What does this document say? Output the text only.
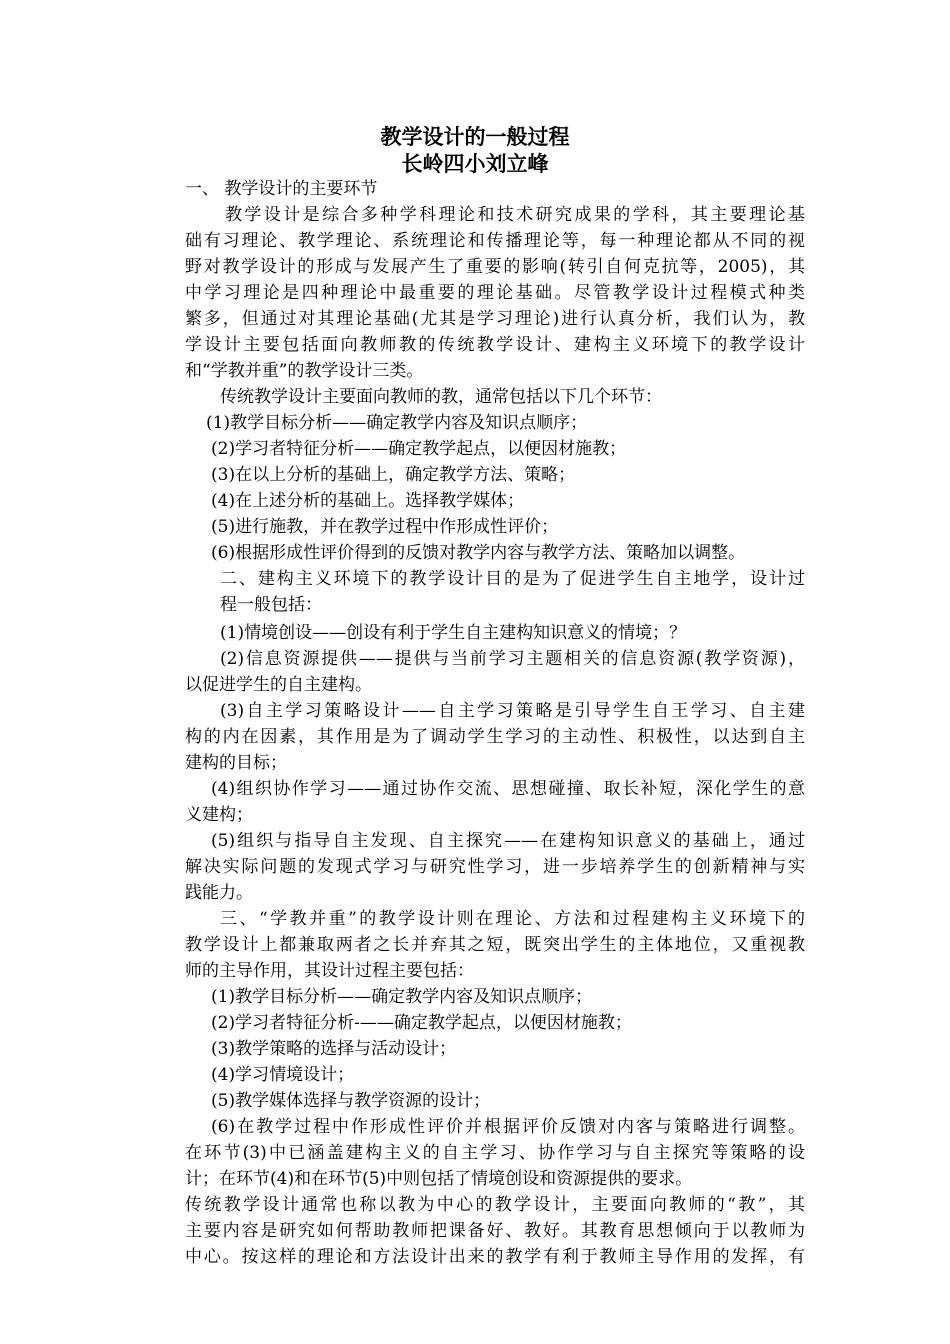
教学设计的一般过程
长岭四小刘立峰
一、 教学设计的主要环节
教学设计是综合多种学科理论和技术研究成果的学科，其主要理论基
础有习理论、教学理论、系统理论和传播理论等，每一种理论都从不同的视
野对教学设计的形成与发展产生了重要的影响(转引自何克抗等，2005)，其
中学习理论是四种理论中最重要的理论基础。尽管教学设计过程模式种类
繁多，但通过对其理论基础(尤其是学习理论)进行认真分析，我们认为，教
学设计主要包括面向教师教的传统教学设计、建构主义环境下的教学设计
和“学教并重”的教学设计三类。
传统教学设计主要面向教师的教，通常包括以下几个环节：
(1)教学目标分析——确定教学内容及知识点顺序；
(2)学习者特征分析——确定教学起点，以便因材施教；
(3)在以上分析的基础上，确定教学方法、策略；
(4)在上述分析的基础上。选择教学媒体；
(5)进行施教，并在教学过程中作形成性评价；
(6)根据形成性评价得到的反馈对教学内容与教学方法、策略加以调整。
二、建构主义环境下的教学设计目的是为了促进学生自主地学，设计过
程一般包括：
(1)情境创设——创设有利于学生自主建构知识意义的情境；？
(2)信息资源提供——提供与当前学习主题相关的信息资源(教学资源)，
以促进学生的自主建构。
(3)自主学习策略设计——自主学习策略是引导学生自王学习、自主建
构的内在因素，其作用是为了调动学生学习的主动性、积极性，以达到自主
建构的目标；
(4)组织协作学习——通过协作交流、思想碰撞、取长补短，深化学生的意
义建构；
(5)组织与指导自主发现、自主探究——在建构知识意义的基础上，通过
解决实际问题的发现式学习与研究性学习，进一步培养学生的创新精神与实
践能力。
三、“学教并重”的教学设计则在理论、方法和过程建构主义环境下的
教学设计上都兼取两者之长并弃其之短，既突出学生的主体地位，又重视教
师的主导作用，其设计过程主要包括：
(1)教学目标分析——确定教学内容及知识点顺序；
(2)学习者特征分析-——确定教学起点，以便因材施教；
(3)教学策略的选择与活动设计；
(4)学习情境设计；
(5)教学媒体选择与教学资源的设计；
(6)在教学过程中作形成性评价并根据评价反馈对内客与策略进行调整。
在环节(3)中已涵盖建构主义的自主学习、协作学习与自主探究等策略的设
计；在环节(4)和在环节(5)中则包括了情境创设和资源提供的要求。
传统教学设计通常也称以教为中心的教学设计，主要面向教师的“教”，其
主要内容是研究如何帮助教师把课备好、教好。其教育思想倾向于以教师为
中心。按这样的理论和方法设计出来的教学有利于教师主导作用的发挥，有
